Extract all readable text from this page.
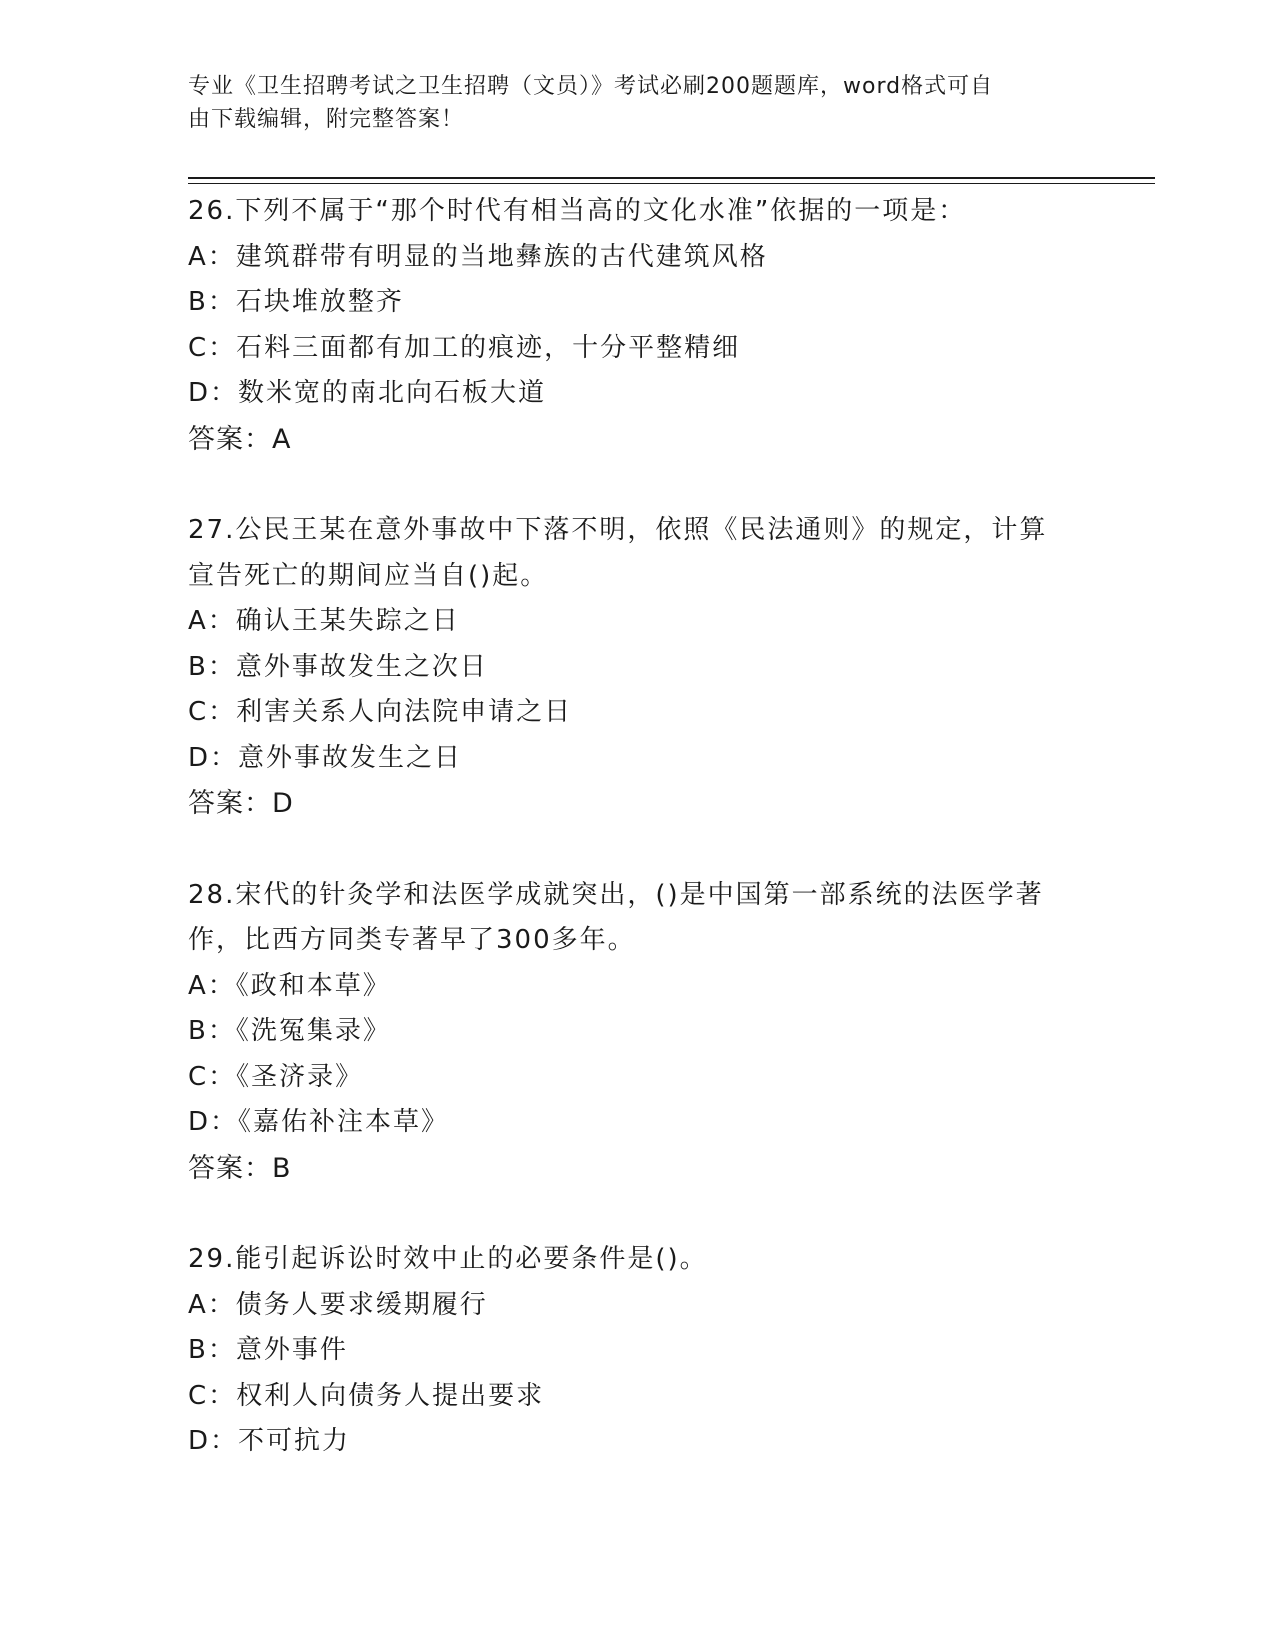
专业《卫生招聘考试之卫生招聘（文员）》考试必刷200题题库，word格式可自
由下载编辑，附完整答案！
26.下列不属于“那个时代有相当高的文化水准”依据的一项是：
A：建筑群带有明显的当地彝族的古代建筑风格
B：石块堆放整齐
C：石料三面都有加工的痕迹，十分平整精细
D：数米宽的南北向石板大道
答案：A
27.公民王某在意外事故中下落不明，依照《民法通则》的规定，计算
宣告死亡的期间应当自()起。
A：确认王某失踪之日
B：意外事故发生之次日
C：利害关系人向法院申请之日
D：意外事故发生之日
答案：D
28.宋代的针灸学和法医学成就突出，()是中国第一部系统的法医学著
作，比西方同类专著早了300多年。
A：《政和本草》
B：《洗冤集录》
C：《圣济录》
D：《嘉佑补注本草》
答案：B
29.能引起诉讼时效中止的必要条件是()。
A：债务人要求缓期履行
B：意外事件
C：权利人向债务人提出要求
D：不可抗力
